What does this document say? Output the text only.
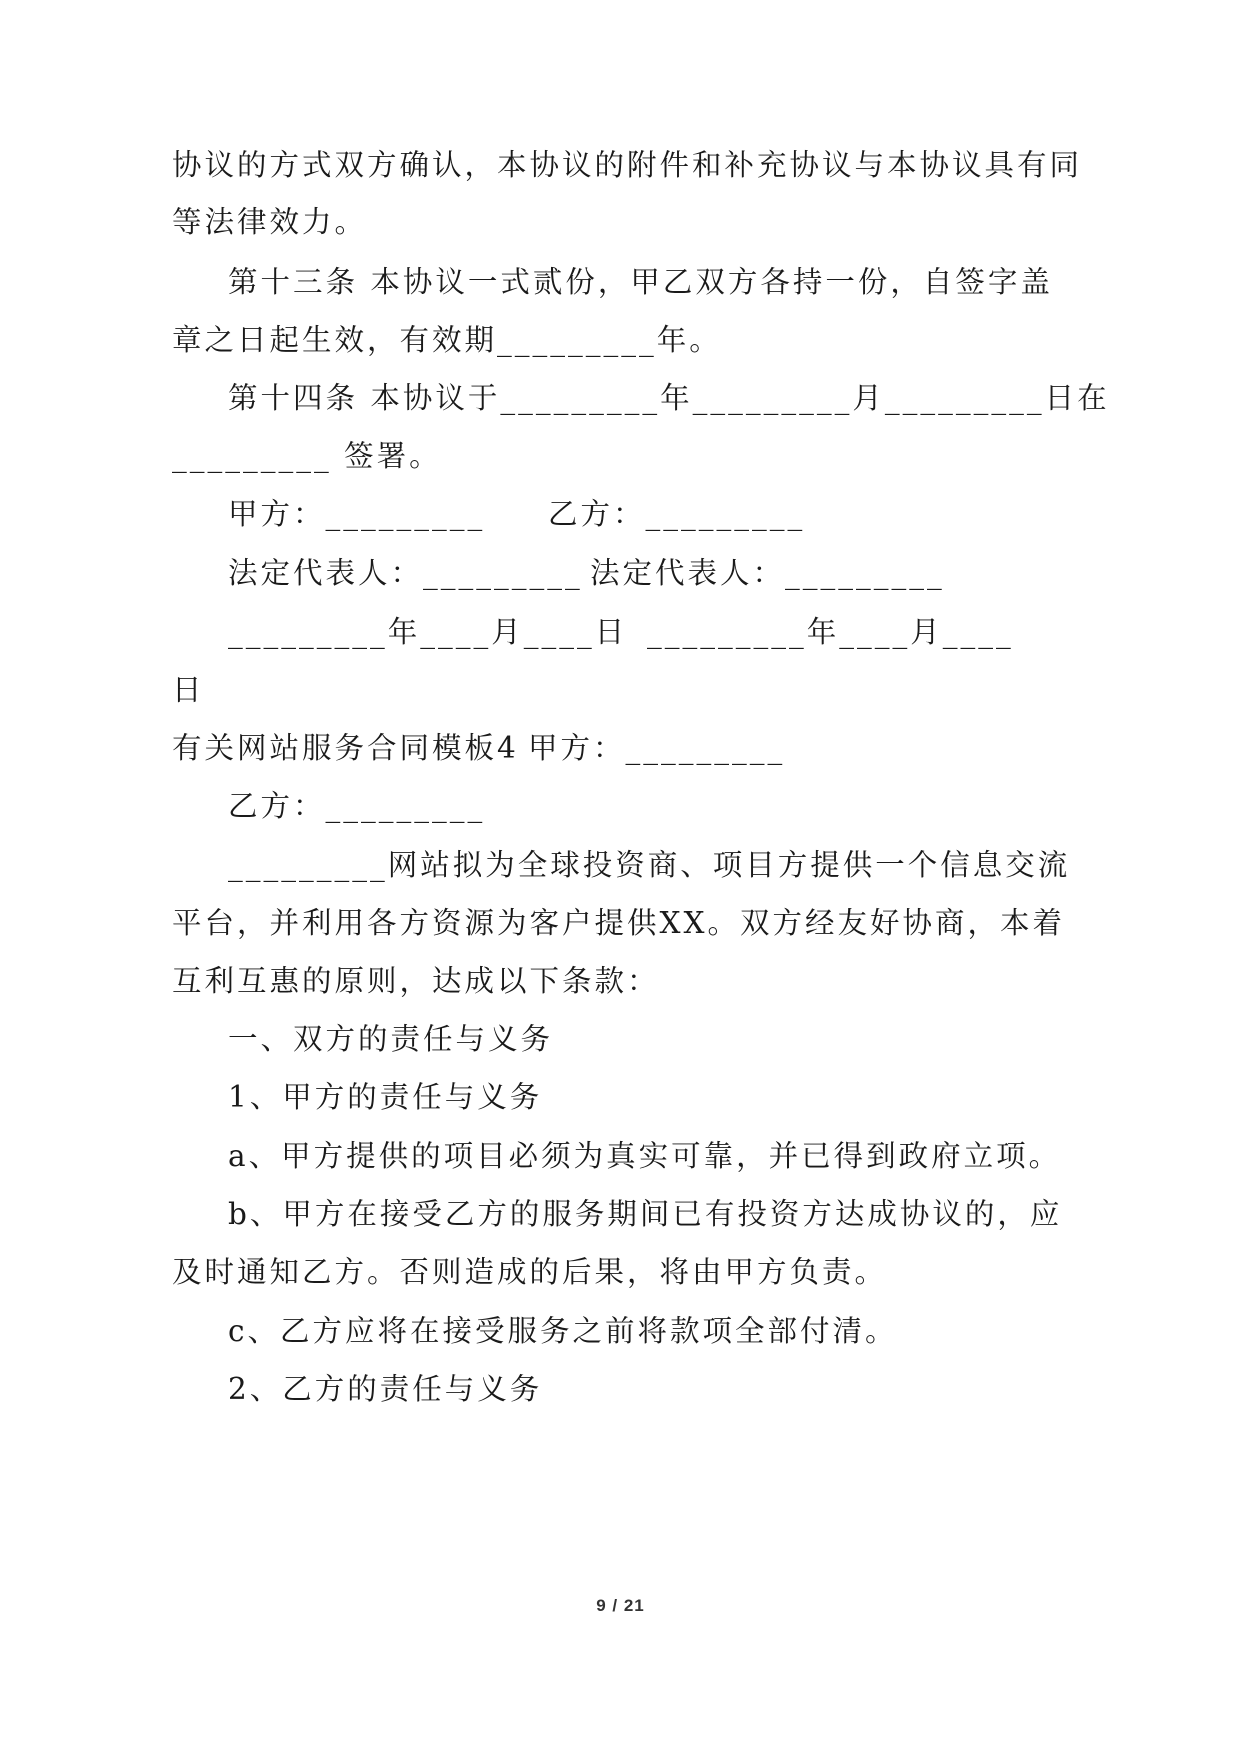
协议的方式双方确认，本协议的附件和补充协议与本协议具有同
等法律效力。
第十三条 本协议一式贰份，甲乙双方各持一份，自签字盖
章之日起生效，有效期_________年。
第十四条 本协议于_________年_________月_________日在
_________ 签署。
甲方：_________ 乙方：_________
法定代表人：_________ 法定代表人：_________
_________年____月____日 _________年____月____
日
有关网站服务合同模板4 甲方：_________
乙方：_________
_________网站拟为全球投资商、项目方提供一个信息交流
平台，并利用各方资源为客户提供XX。双方经友好协商，本着
互利互惠的原则，达成以下条款：
一、双方的责任与义务
1、甲方的责任与义务
a、甲方提供的项目必须为真实可靠，并已得到政府立项。
b、甲方在接受乙方的服务期间已有投资方达成协议的，应
及时通知乙方。否则造成的后果，将由甲方负责。
c、乙方应将在接受服务之前将款项全部付清。
2、乙方的责任与义务
9 / 21
